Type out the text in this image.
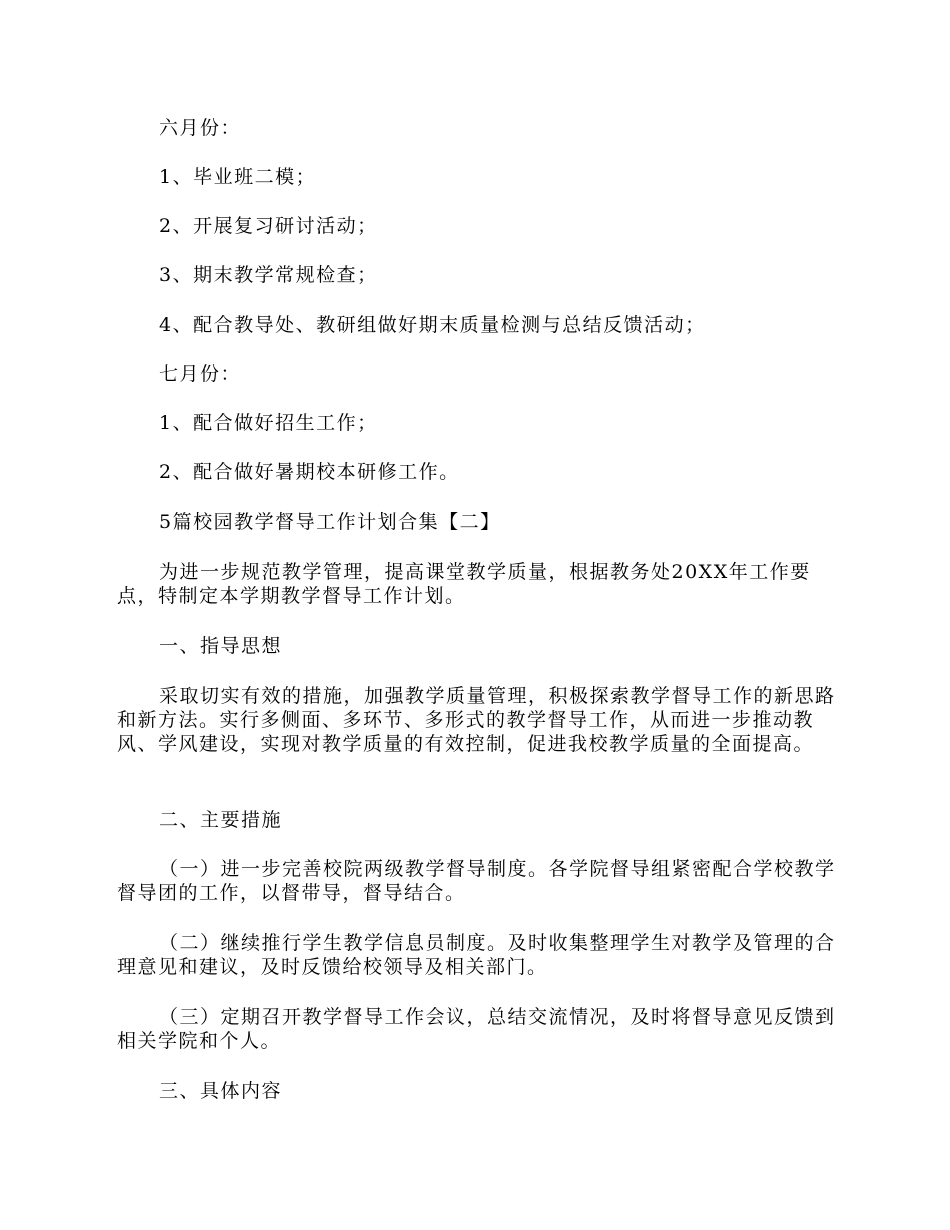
六月份：

1、毕业班二模；

2、开展复习研讨活动；

3、期末教学常规检查；

4、配合教导处、教研组做好期末质量检测与总结反馈活动；

七月份：

1、配合做好招生工作；

2、配合做好暑期校本研修工作。

5篇校园教学督导工作计划合集【二】

为进一步规范教学管理，提高课堂教学质量，根据教务处20XX年工作要点，特制定本学期教学督导工作计划。

一、指导思想

采取切实有效的措施，加强教学质量管理，积极探索教学督导工作的新思路和新方法。实行多侧面、多环节、多形式的教学督导工作，从而进一步推动教风、学风建设，实现对教学质量的有效控制，促进我校教学质量的全面提高。

二、主要措施

（一）进一步完善校院两级教学督导制度。各学院督导组紧密配合学校教学督导团的工作，以督带导，督导结合。

（二）继续推行学生教学信息员制度。及时收集整理学生对教学及管理的合理意见和建议，及时反馈给校领导及相关部门。

（三）定期召开教学督导工作会议，总结交流情况，及时将督导意见反馈到相关学院和个人。

三、具体内容
